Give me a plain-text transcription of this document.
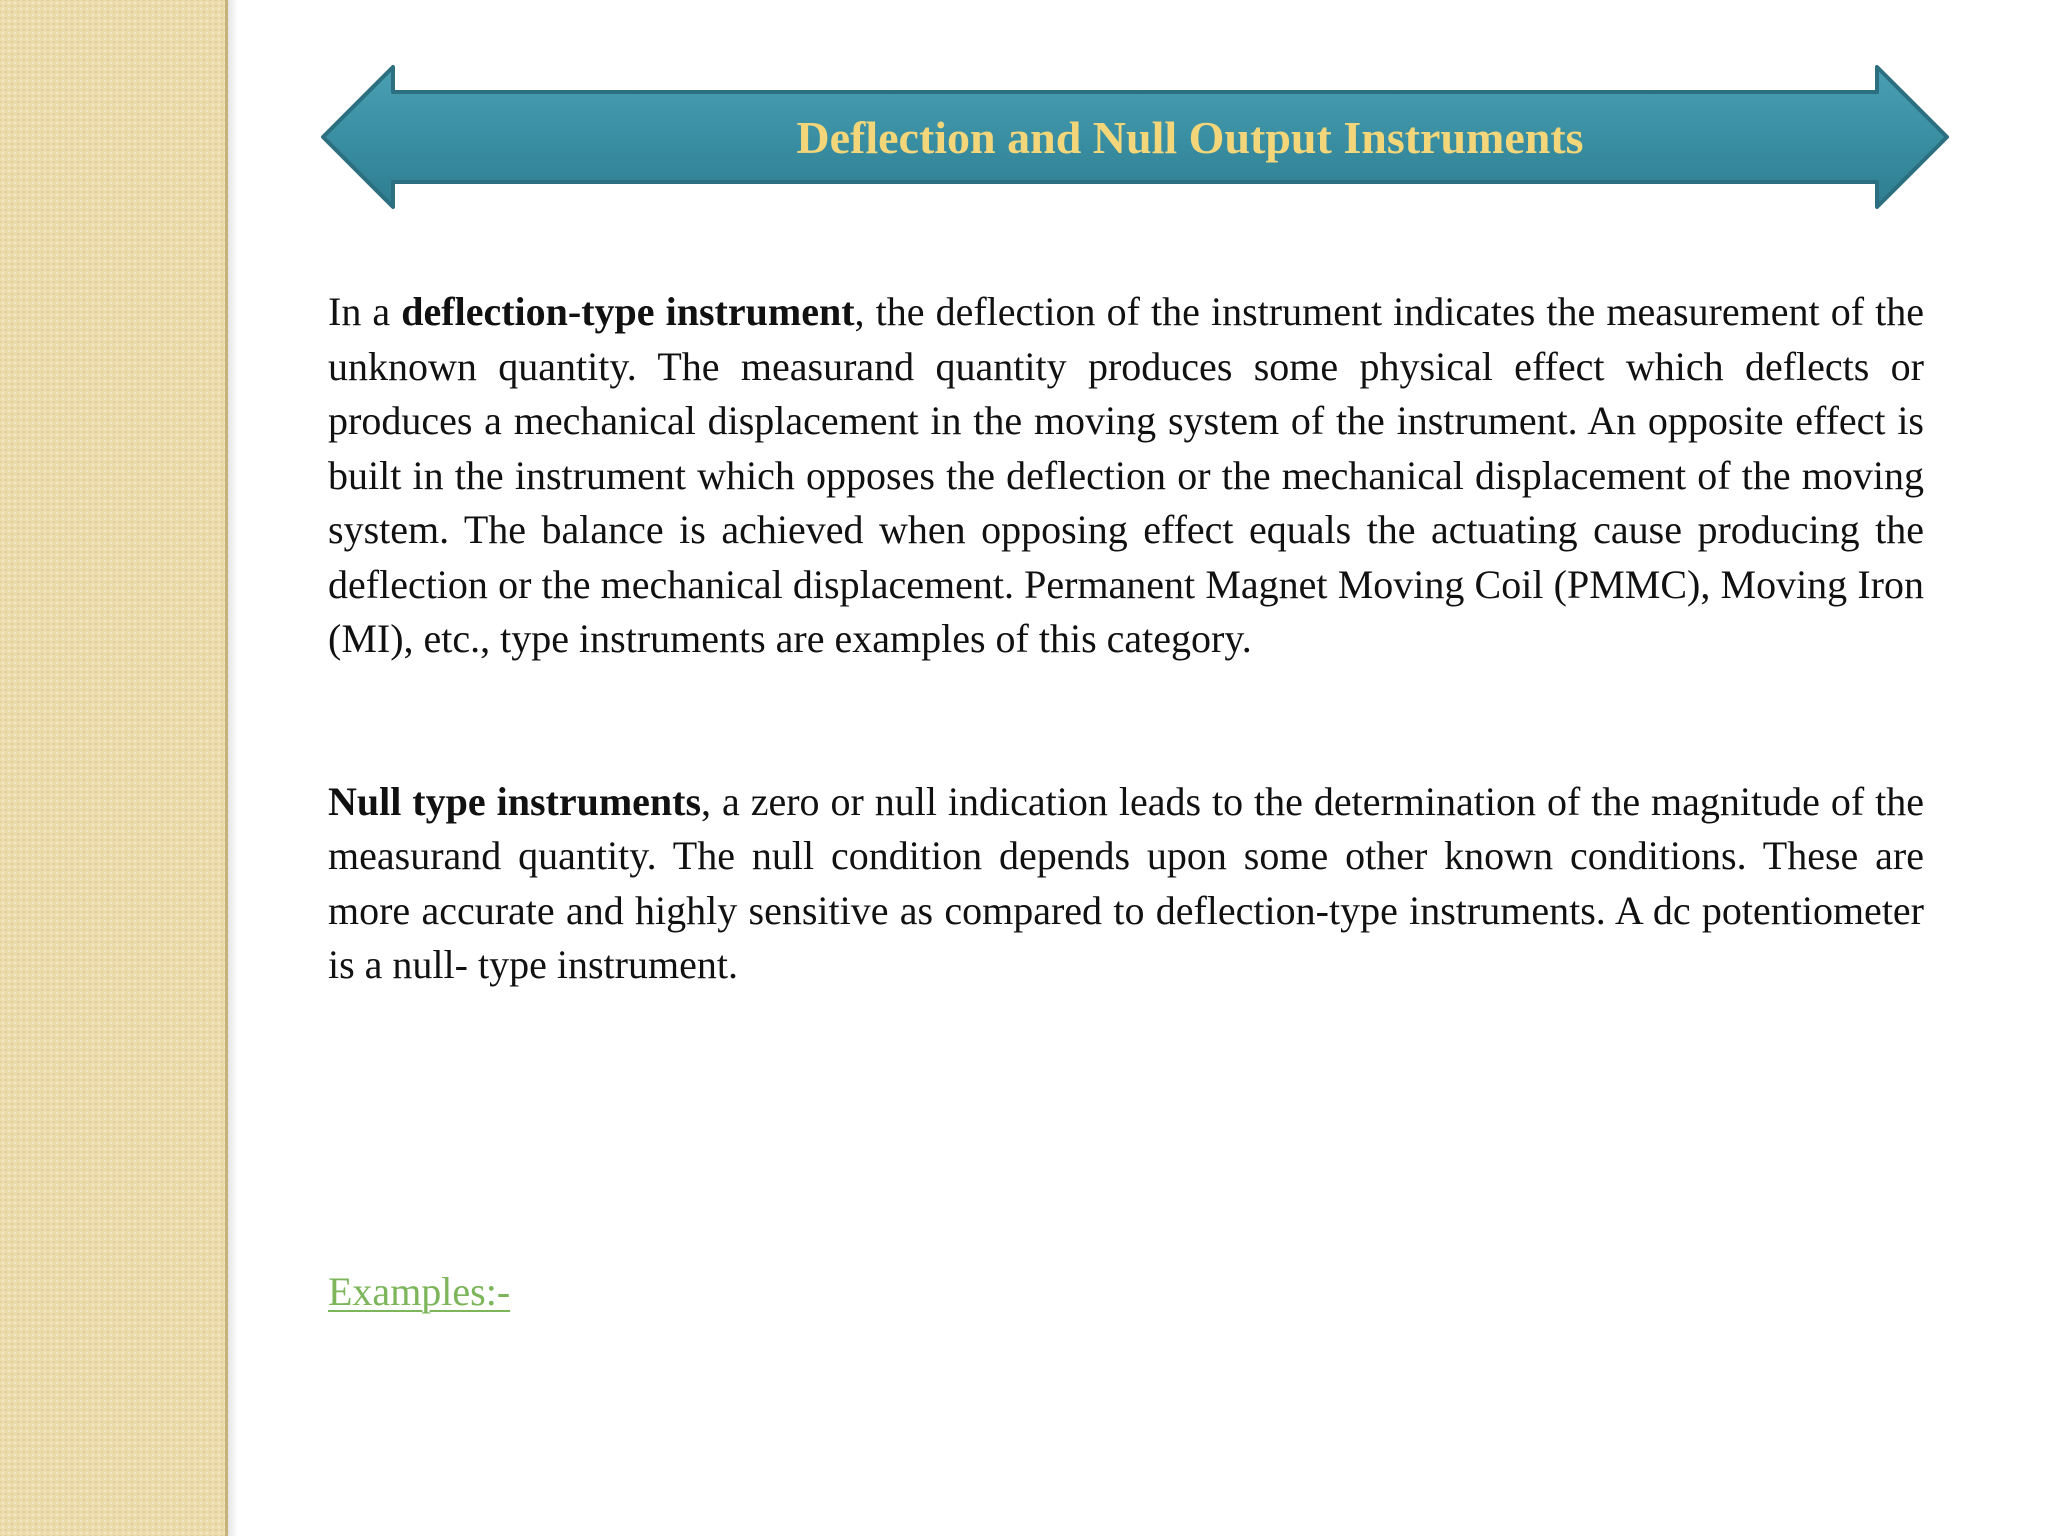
Deflection and Null Output Instruments

In a deflection-type instrument, the deflection of the instrument indicates the measurement of the unknown quantity. The measurand quantity produces some physical effect which deflects or produces a mechanical displacement in the moving system of the instrument. An opposite effect is built in the instrument which opposes the deflection or the mechanical displacement of the moving system. The balance is achieved when opposing effect equals the actuating cause producing the deflection or the mechanical displacement. Permanent Magnet Moving Coil (PMMC), Moving Iron (MI), etc., type instruments are examples of this category.

Null type instruments, a zero or null indication leads to the determination of the magnitude of the measurand quantity. The null condition depends upon some other known conditions. These are more accurate and highly sensitive as compared to deflection-type instruments. A dc potentiometer is a null- type instrument.

Examples:-
